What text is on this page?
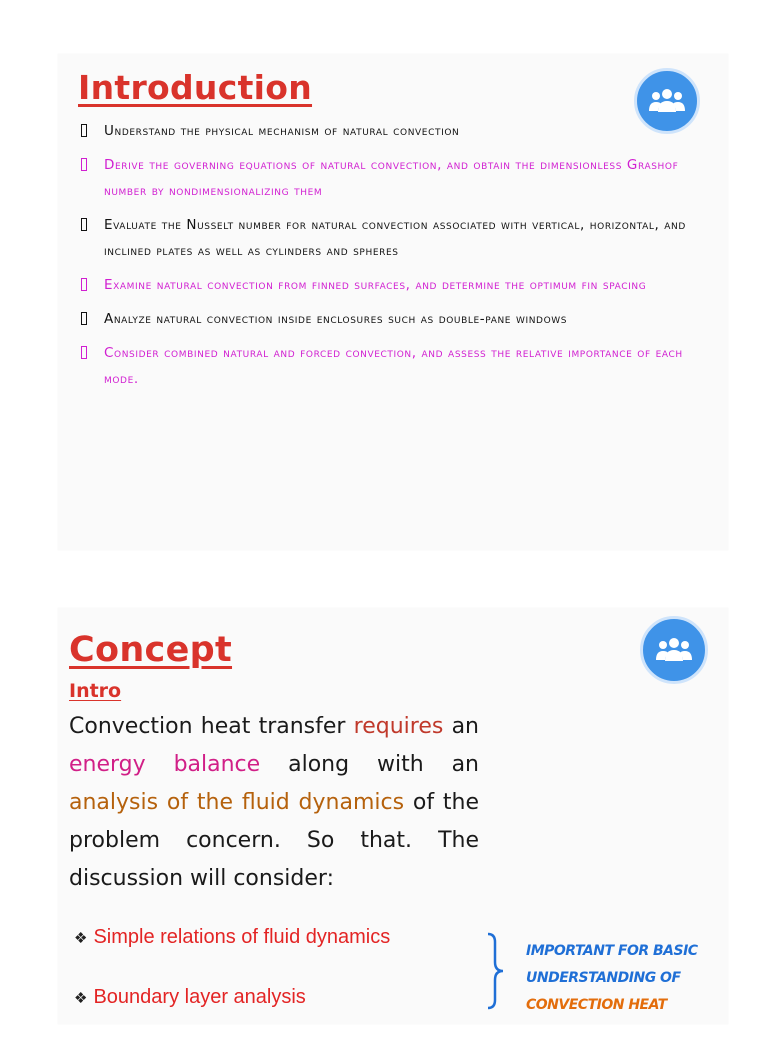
Introduction
Understand the physical mechanism of natural convection
Derive the governing equations of natural convection, and obtain the dimensionless Grashof number by nondimensionalizing them
Evaluate the Nusselt number for natural convection associated with vertical, horizontal, and inclined plates as well as cylinders and spheres
Examine natural convection from finned surfaces, and determine the optimum fin spacing
Analyze natural convection inside enclosures such as double-pane windows
Consider combined natural and forced convection, and assess the relative importance of each mode.
Concept
Intro

Convection heat transfer requires an energy balance along with an analysis of the fluid dynamics of the problem concern. So that. The discussion will consider:

❖ Simple relations of fluid dynamics
❖ Boundary layer analysis

IMPORTANT FOR BASIC
UNDERSTANDING OF
CONVECTION HEAT
